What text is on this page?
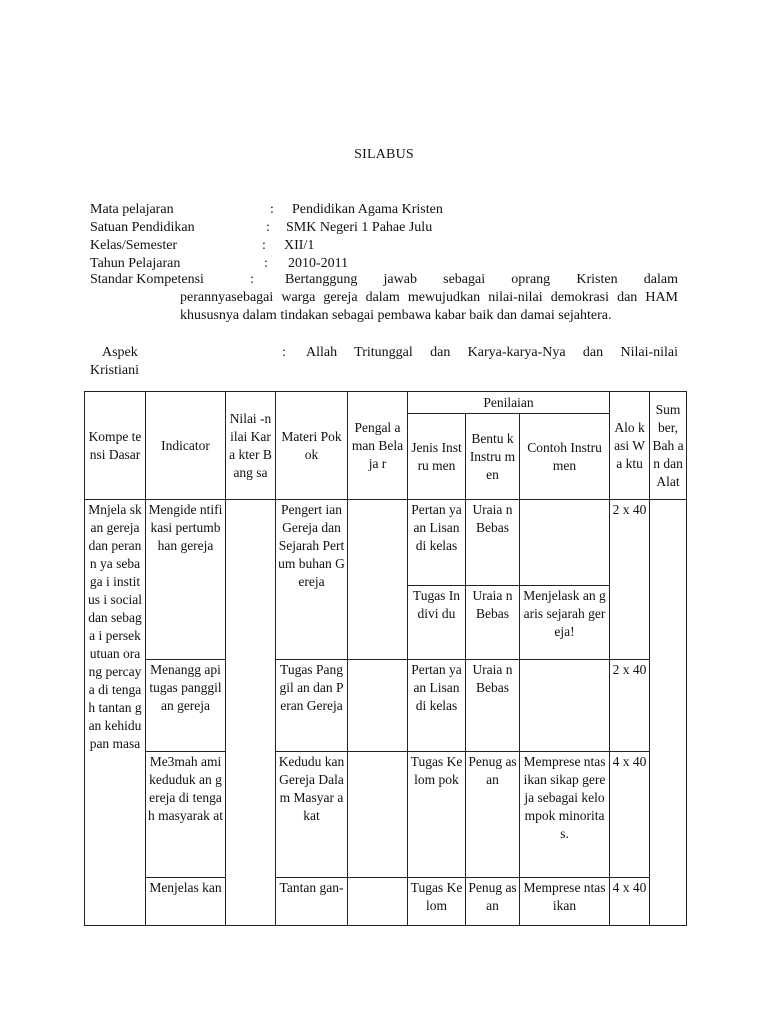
SILABUS
Mata pelajaran	: Pendidikan Agama Kristen
Satuan Pendidikan	: SMK Negeri 1 Pahae Julu
Kelas/Semester	: XII/1
Tahun Pelajaran	: 2010-2011
Standar Kompetensi	: Bertanggung jawab sebagai oprang Kristen dalam
perannyasebagai warga gereja dalam mewujudkan nilai-nilai demokrasi dan HAM khususnya dalam tindakan sebagai pembawa kabar baik dan damai sejahtera.
Aspek Kristiani
: Allah Tritunggal dan Karya-karya-Nya dan Nilai-nilai
Kompe tensi Dasar	Indicator	Nilai -nilai Kara kter Bang sa	Materi Pokok	Pengal aman Belaja r	Penilaian			Alo kasi Wa ktu	Sum ber, Bah an dan Alat
					Jenis Instru men	Bentu k Instru men	Contoh Instrumen		
Mnjela skan gereja dan perann ya sebaga i institus i social dan sebaga i persek utuan orang percay a di tengah tantan gan kehidu pan masa	Mengide ntifikasi pertumb han gereja		Pengert ian Gereja dan Sejarah Pertum buhan Gereja		Pertan yaan Lisan di kelas	Uraia n Bebas		2 x 40	
					Tugas Indivi du	Uraia n Bebas	Menjelask an garis sejarah gereja!		
	Menangg api tugas panggilan gereja		Tugas Panggil an dan Peran Gereja		Pertan yaan Lisan di kelas	Uraia n Bebas		2 x 40	
	Me3mah ami keduduk an gereja di tengah masyarak at		Kedudu kan Gereja Dalam Masyar akat		Tugas Kelom pok	Penug asan	Memprese ntasikan sikap gereja sebagai kelompok minoritas.	4 x 40	
	Menjelas kan		Tantan gan-		Tugas Kelom	Penug asan	Memprese ntasikan	4 x 40	
